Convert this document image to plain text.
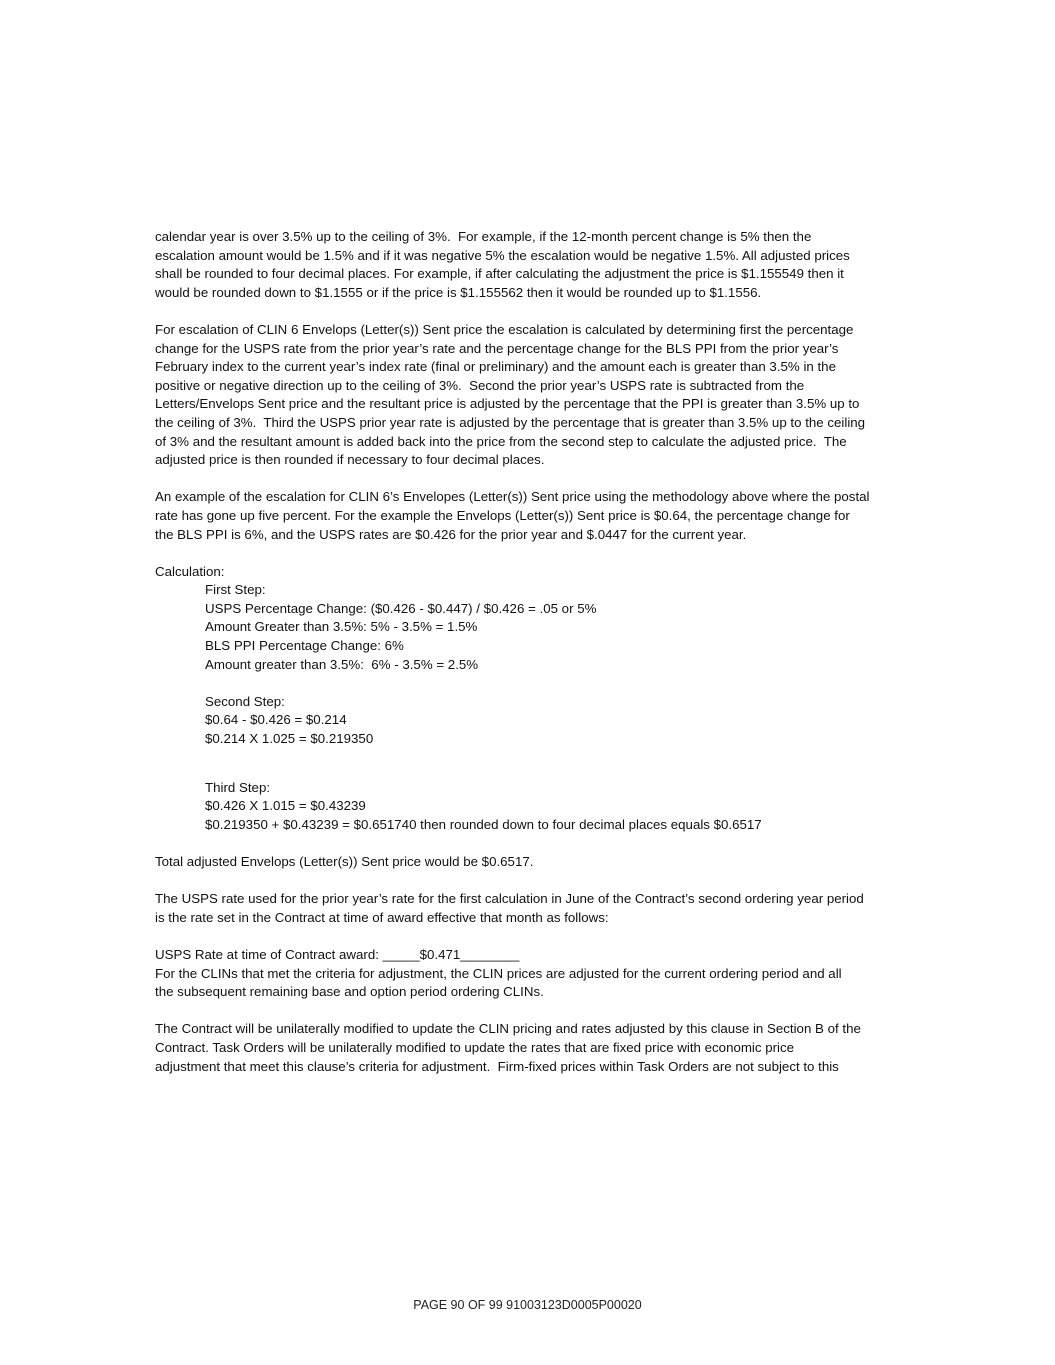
calendar year is over 3.5% up to the ceiling of 3%.  For example, if the 12-month percent change is 5% then the
escalation amount would be 1.5% and if it was negative 5% the escalation would be negative 1.5%. All adjusted prices
shall be rounded to four decimal places. For example, if after calculating the adjustment the price is $1.155549 then it
would be rounded down to $1.1555 or if the price is $1.155562 then it would be rounded up to $1.1556.
For escalation of CLIN 6 Envelops (Letter(s)) Sent price the escalation is calculated by determining first the percentage
change for the USPS rate from the prior year’s rate and the percentage change for the BLS PPI from the prior year’s
February index to the current year’s index rate (final or preliminary) and the amount each is greater than 3.5% in the
positive or negative direction up to the ceiling of 3%.  Second the prior year’s USPS rate is subtracted from the
Letters/Envelops Sent price and the resultant price is adjusted by the percentage that the PPI is greater than 3.5% up to
the ceiling of 3%.  Third the USPS prior year rate is adjusted by the percentage that is greater than 3.5% up to the ceiling
of 3% and the resultant amount is added back into the price from the second step to calculate the adjusted price.  The
adjusted price is then rounded if necessary to four decimal places.
An example of the escalation for CLIN 6’s Envelopes (Letter(s)) Sent price using the methodology above where the postal
rate has gone up five percent. For the example the Envelops (Letter(s)) Sent price is $0.64, the percentage change for
the BLS PPI is 6%, and the USPS rates are $0.426 for the prior year and $.0447 for the current year.
Calculation:
First Step:
USPS Percentage Change: ($0.426 - $0.447) / $0.426 = .05 or 5%
Amount Greater than 3.5%: 5% - 3.5% = 1.5%
BLS PPI Percentage Change: 6%
Amount greater than 3.5%:  6% - 3.5% = 2.5%
Second Step:
$0.64 - $0.426 = $0.214
$0.214 X 1.025 = $0.219350
Third Step:
$0.426 X 1.015 = $0.43239
$0.219350 + $0.43239 = $0.651740 then rounded down to four decimal places equals $0.6517
Total adjusted Envelops (Letter(s)) Sent price would be $0.6517.
The USPS rate used for the prior year’s rate for the first calculation in June of the Contract’s second ordering year period
is the rate set in the Contract at time of award effective that month as follows:
USPS Rate at time of Contract award: _____$0.471________
For the CLINs that met the criteria for adjustment, the CLIN prices are adjusted for the current ordering period and all
the subsequent remaining base and option period ordering CLINs.
The Contract will be unilaterally modified to update the CLIN pricing and rates adjusted by this clause in Section B of the
Contract. Task Orders will be unilaterally modified to update the rates that are fixed price with economic price
adjustment that meet this clause’s criteria for adjustment.  Firm-fixed prices within Task Orders are not subject to this
PAGE 90 OF 99 91003123D0005P00020
